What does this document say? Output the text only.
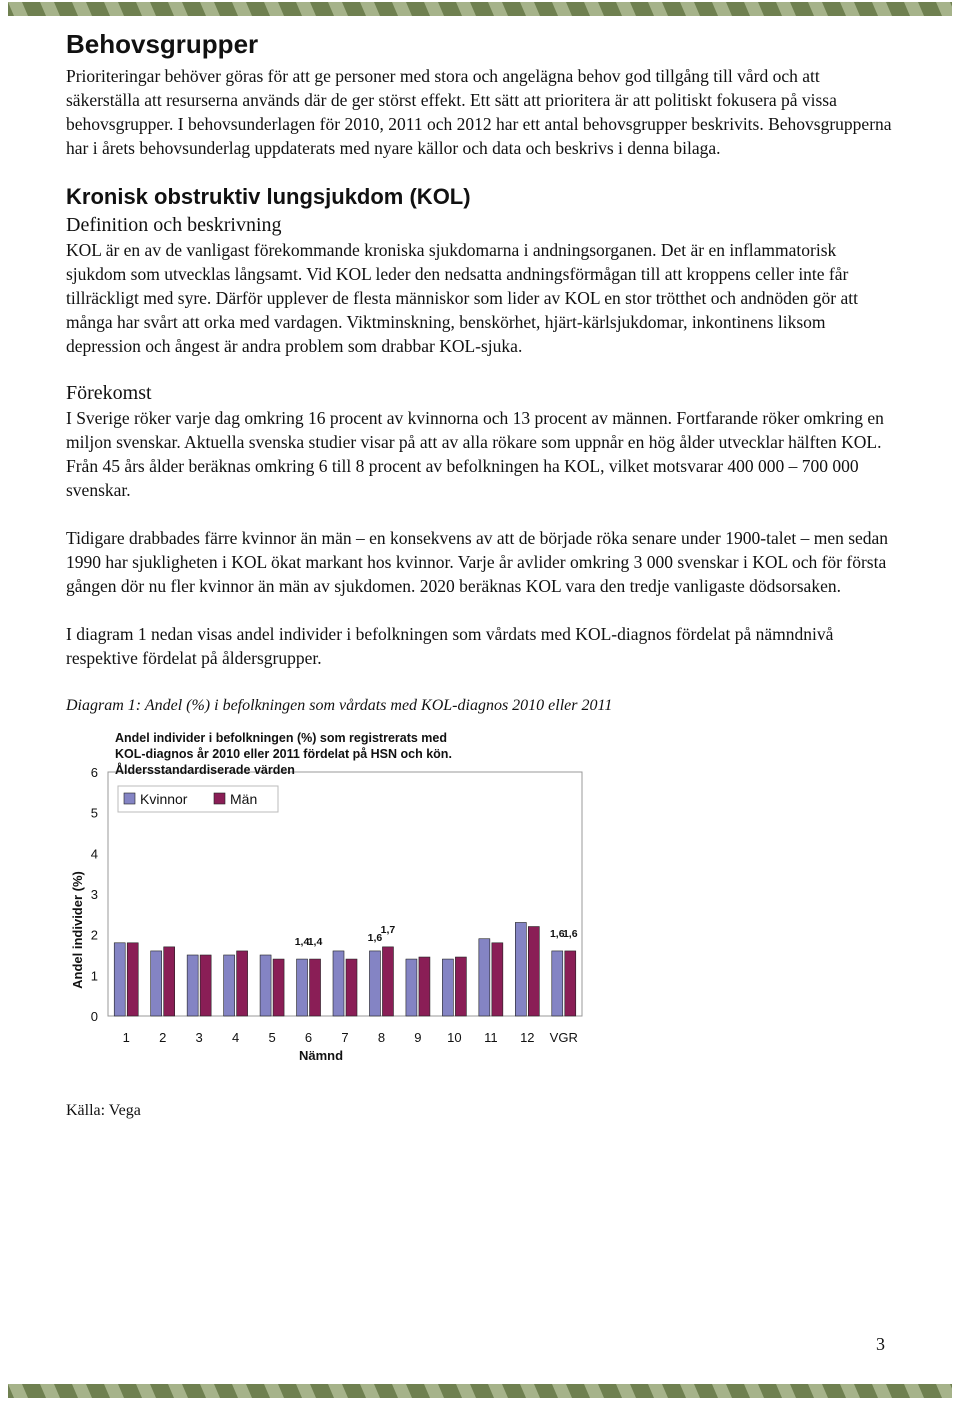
Behovsgrupper

Prioriteringar behöver göras för att ge personer med stora och angelägna behov god tillgång till vård och att säkerställa att resurserna används där de ger störst effekt. Ett sätt att prioritera är att politiskt fokusera på vissa behovsgrupper. I behovsunderlagen för 2010, 2011 och 2012 har ett antal behovsgrupper beskrivits. Behovsgrupperna har i årets behovsunderlag uppdaterats med nyare källor och data och beskrivs i denna bilaga.

Kronisk obstruktiv lungsjukdom (KOL)
Definition och beskrivning

KOL är en av de vanligast förekommande kroniska sjukdomarna i andningsorganen. Det är en inflammatorisk sjukdom som utvecklas långsamt. Vid KOL leder den nedsatta andningsförmågan till att kroppens celler inte får tillräckligt med syre. Därför upplever de flesta människor som lider av KOL en stor trötthet och andnöden gör att många har svårt att orka med vardagen. Viktminskning, benskörhet, hjärt-kärlsjukdomar, inkontinens liksom depression och ångest är andra problem som drabbar KOL-sjuka.

Förekomst

I Sverige röker varje dag omkring 16 procent av kvinnorna och 13 procent av männen. Fortfarande röker omkring en miljon svenskar. Aktuella svenska studier visar på att av alla rökare som uppnår en hög ålder utvecklar hälften KOL. Från 45 års ålder beräknas omkring 6 till 8 procent av befolkningen ha KOL, vilket motsvarar 400 000 – 700 000 svenskar.

Tidigare drabbades färre kvinnor än män – en konsekvens av att de började röka senare under 1900-talet – men sedan 1990 har sjukligheten i KOL ökat markant hos kvinnor. Varje år avlider omkring 3 000 svenskar i KOL och för första gången dör nu fler kvinnor än män av sjukdomen. 2020 beräknas KOL vara den tredje vanligaste dödsorsaken.

I diagram 1 nedan visas andel individer i befolkningen som vårdats med KOL-diagnos fördelat på nämndnivå respektive fördelat på åldersgrupper.

Diagram 1: Andel (%) i befolkningen som vårdats med KOL-diagnos 2010 eller 2011
Andel individer i befolkningen (%) som registrerats med KOL-diagnos år 2010 eller 2011 fördelat på HSN och kön. Åldersstandardiserade värden
0
1
2
3
4
5
6
Andel individer (%)
1 2 3 4 5 6 7 8 9 10 11 12 VGR
1,4
1,4	1,6
1,7	1,6
1,6
Nämnd
Kvinnor	Män
Källa: Vega
3
